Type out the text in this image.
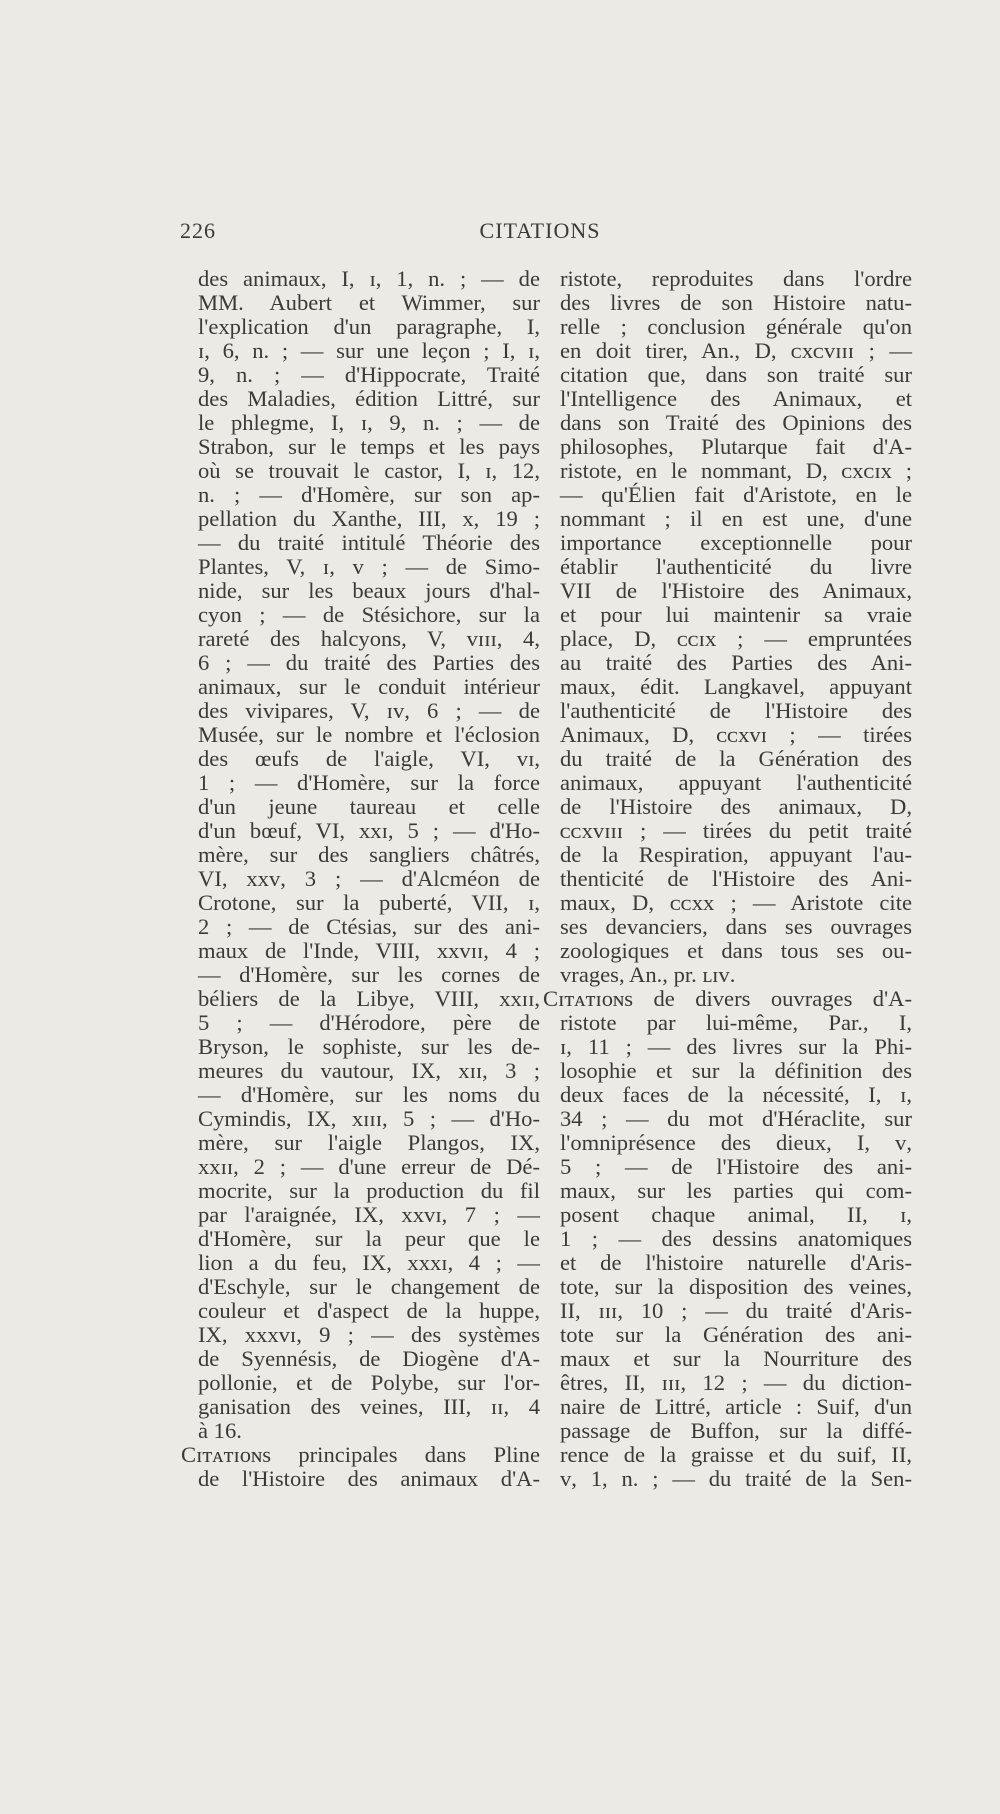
226	CITATIONS
des animaux, I, ɪ, 1, n. ; — de
MM. Aubert et Wimmer, sur
l'explication d'un paragraphe, I,
ɪ, 6, n. ; — sur une leçon ; I, ɪ,
9, n. ; — d'Hippocrate, Traité
des Maladies, édition Littré, sur
le phlegme, I, ɪ, 9, n. ; — de
Strabon, sur le temps et les pays
où se trouvait le castor, I, ɪ, 12,
n. ; — d'Homère, sur son ap-
pellation du Xanthe, III, x, 19 ;
— du traité intitulé Théorie des
Plantes, V, ɪ, v ; — de Simo-
nide, sur les beaux jours d'hal-
cyon ; — de Stésichore, sur la
rareté des halcyons, V, ᴠɪɪɪ, 4,
6 ; — du traité des Parties des
animaux, sur le conduit intérieur
des vivipares, V, ɪᴠ, 6 ; — de
Musée, sur le nombre et l'éclosion
des œufs de l'aigle, VI, ᴠɪ,
1 ; — d'Homère, sur la force
d'un jeune taureau et celle
d'un bœuf, VI, xxɪ, 5 ; — d'Ho-
mère, sur des sangliers châtrés,
VI, xxᴠ, 3 ; — d'Alcméon de
Crotone, sur la puberté, VII, ɪ,
2 ; — de Ctésias, sur des ani-
maux de l'Inde, VIII, xxᴠɪɪ, 4 ;
— d'Homère, sur les cornes de
béliers de la Libye, VIII, xxɪɪ,
5 ; — d'Hérodore, père de
Bryson, le sophiste, sur les de-
meures du vautour, IX, xɪɪ, 3 ;
— d'Homère, sur les noms du
Cymindis, IX, xɪɪɪ, 5 ; — d'Ho-
mère, sur l'aigle Plangos, IX,
xxɪɪ, 2 ; — d'une erreur de Dé-
mocrite, sur la production du fil
par l'araignée, IX, xxᴠɪ, 7 ; —
d'Homère, sur la peur que le
lion a du feu, IX, xxxɪ, 4 ; —
d'Eschyle, sur le changement de
couleur et d'aspect de la huppe,
IX, xxxᴠɪ, 9 ; — des systèmes
de Syennésis, de Diogène d'A-
pollonie, et de Polybe, sur l'or-
ganisation des veines, III, ɪɪ, 4
à 16.
Cɪᴛᴀᴛɪᴏɴs principales dans Pline
de l'Histoire des animaux d'A-
ristote, reproduites dans l'ordre
des livres de son Histoire natu-
relle ; conclusion générale qu'on
en doit tirer, An., D, ᴄxᴄᴠɪɪɪ ; —
citation que, dans son traité sur
l'Intelligence des Animaux, et
dans son Traité des Opinions des
philosophes, Plutarque fait d'A-
ristote, en le nommant, D, ᴄxᴄɪx ;
— qu'Élien fait d'Aristote, en le
nommant ; il en est une, d'une
importance exceptionnelle pour
établir l'authenticité du livre
VII de l'Histoire des Animaux,
et pour lui maintenir sa vraie
place, D, ᴄᴄɪx ; — empruntées
au traité des Parties des Ani-
maux, édit. Langkavel, appuyant
l'authenticité de l'Histoire des
Animaux, D, ᴄᴄxᴠɪ ; — tirées
du traité de la Génération des
animaux, appuyant l'authenticité
de l'Histoire des animaux, D,
ᴄᴄxᴠɪɪɪ ; — tirées du petit traité
de la Respiration, appuyant l'au-
thenticité de l'Histoire des Ani-
maux, D, ᴄᴄxx ; — Aristote cite
ses devanciers, dans ses ouvrages
zoologiques et dans tous ses ou-
vrages, An., pr. ʟɪᴠ.
Cɪᴛᴀᴛɪᴏɴs de divers ouvrages d'A-
ristote par lui-même, Par., I,
ɪ, 11 ; — des livres sur la Phi-
losophie et sur la définition des
deux faces de la nécessité, I, ɪ,
34 ; — du mot d'Héraclite, sur
l'omniprésence des dieux, I, ᴠ,
5 ; — de l'Histoire des ani-
maux, sur les parties qui com-
posent chaque animal, II, ɪ,
1 ; — des dessins anatomiques
et de l'histoire naturelle d'Aris-
tote, sur la disposition des veines,
II, ɪɪɪ, 10 ; — du traité d'Aris-
tote sur la Génération des ani-
maux et sur la Nourriture des
êtres, II, ɪɪɪ, 12 ; — du diction-
naire de Littré, article : Suif, d'un
passage de Buffon, sur la diffé-
rence de la graisse et du suif, II,
ᴠ, 1, n. ; — du traité de la Sen-
